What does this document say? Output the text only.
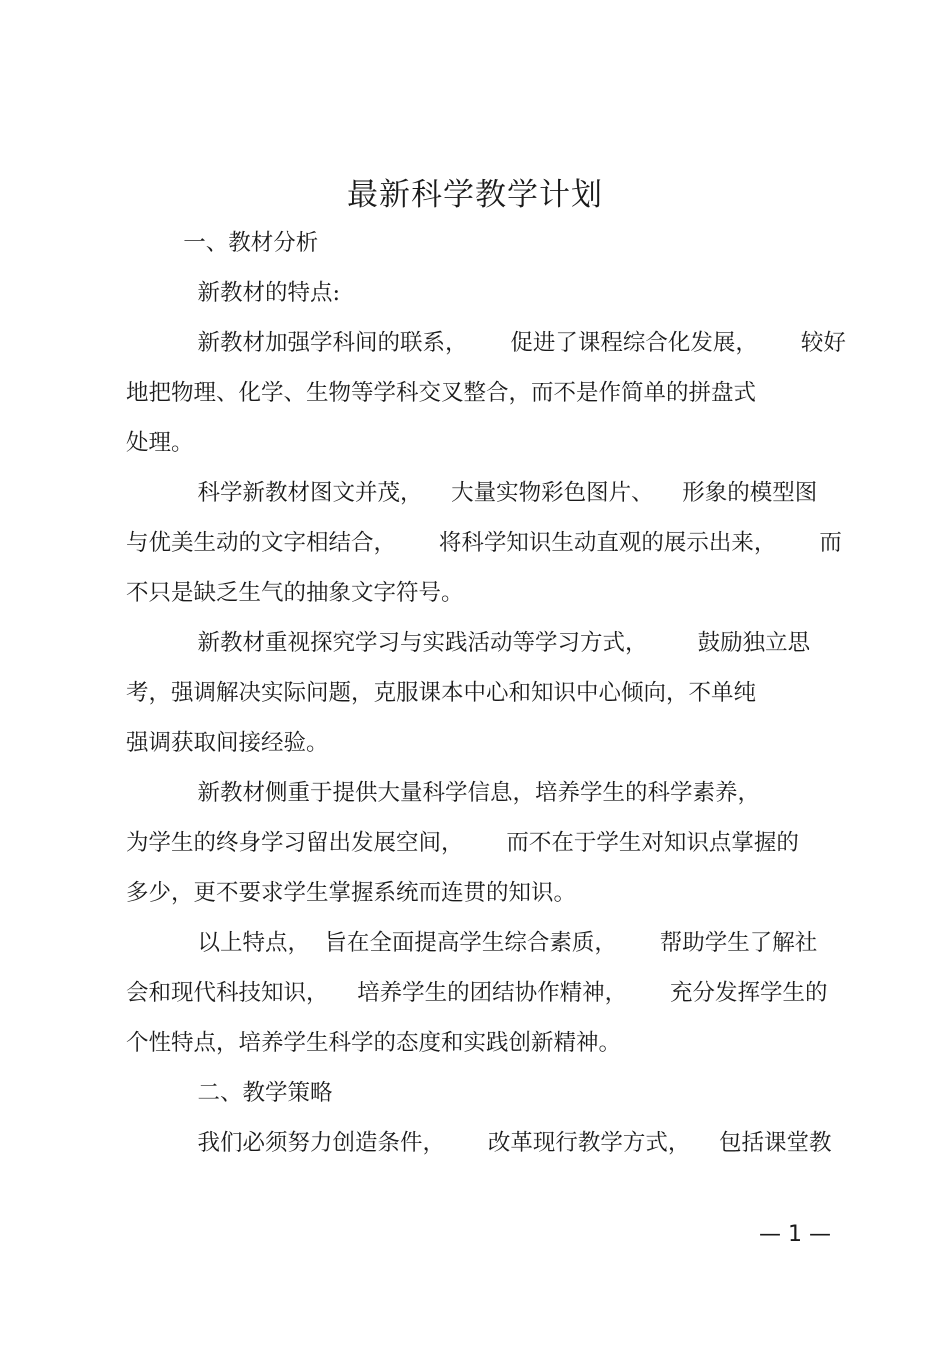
最新科学教学计划
一、教材分析
新教材的特点:
新教材加强学科间的联系，      促进了课程综合化发展，      较好
地把物理、化学、生物等学科交叉整合，而不是作简单的拼盘式
处理。
科学新教材图文并茂，    大量实物彩色图片、    形象的模型图
与优美生动的文字相结合，      将科学知识生动直观的展示出来，      而
不只是缺乏生气的抽象文字符号。
新教材重视探究学习与实践活动等学习方式，       鼓励独立思
考，强调解决实际问题，克服课本中心和知识中心倾向，不单纯
强调获取间接经验。
新教材侧重于提供大量科学信息，培养学生的科学素养，
为学生的终身学习留出发展空间，      而不在于学生对知识点掌握的
多少，更不要求学生掌握系统而连贯的知识。
以上特点，  旨在全面提高学生综合素质，      帮助学生了解社
会和现代科技知识，    培养学生的团结协作精神，      充分发挥学生的
个性特点，培养学生科学的态度和实践创新精神。
二、教学策略
我们必须努力创造条件，      改革现行教学方式，    包括课堂教
— 1 —
